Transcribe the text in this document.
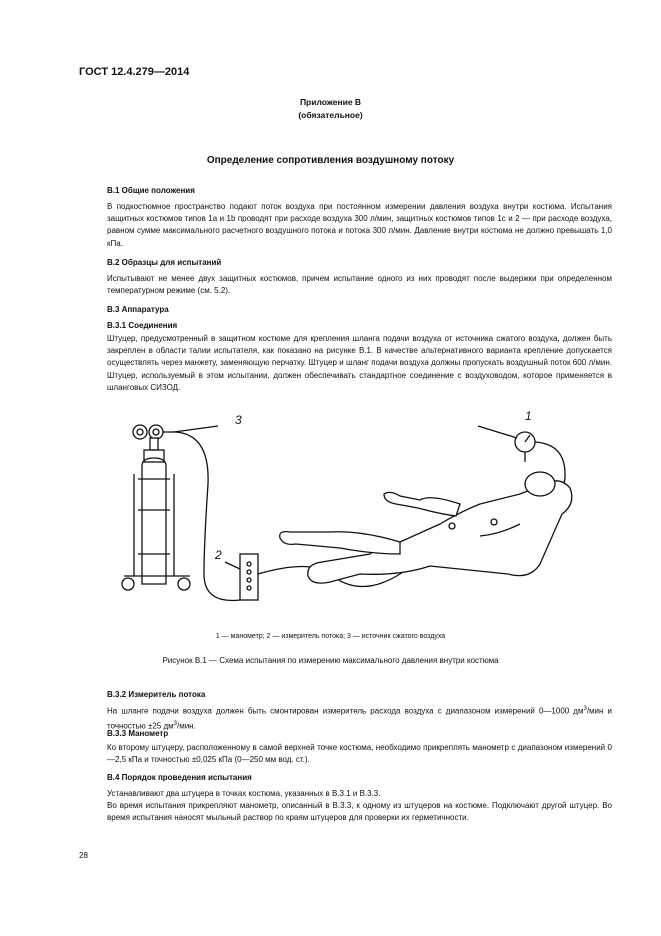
ГОСТ 12.4.279—2014
Приложение В
(обязательное)
Определение сопротивления воздушному потоку
В.1 Общие положения
В подкостюмное пространство подают поток воздуха при постоянном измерении давления воздуха внутри костюма. Испытания защитных костюмов типов 1а и 1b проводят при расходе воздуха 300 л/мин, защитных костюмов типов 1с и 2 — при расходе воздуха, равном сумме максимального расчетного воздушного потока и потока 300 л/мин. Давление внутри костюма не должно превышать 1,0 кПа.
В.2 Образцы для испытаний
Испытывают не менее двух защитных костюмов, причем испытание одного из них проводят после выдержки при определенном температурном режиме (см. 5.2).
В.3 Аппаратура
В.3.1 Соединения
Штуцер, предусмотренный в защитном костюме для крепления шланга подачи воздуха от источника сжатого воздуха, должен быть закреплен в области талии испытателя, как показано на рисунке В.1. В качестве альтернативного варианта крепление допускается осуществлять через манжету, заменяющую перчатку. Штуцер и шланг подачи воздуха должны пропускать воздушный поток 600 л/мин. Штуцер, используемый в этом испытании, должен обеспечивать стандартное соединение с воздуховодом, которое применяется в шланговых СИЗОД.
3
2
1
1 — манометр; 2 — измеритель потока; 3 — источник сжатого воздуха
Рисунок В.1 — Схема испытания по измерению максимального давления внутри костюма
В.3.2 Измеритель потока
На шланге подачи воздуха должен быть смонтирован измеритель расхода воздуха с диапазоном измерений 0—1000 $дм^3$/мин и точностью ±25 $дм^3$/мин.
В.3.3 Манометр
Ко второму штуцеру, расположенному в самой верхней точке костюма, необходимо прикреплять манометр с диапазоном измерений 0—2,5 кПа и точностью ±0,025 кПа (0—250 мм вод. ст.).
В.4 Порядок проведения испытания
Устанавливают два штуцера в точках костюма, указанных в В.3.1 и В.3.3.
Во время испытания прикрепляют манометр, описанный в В.3.3, к одному из штуцеров на костюме. Подключают другой штуцер. Во время испытания наносят мыльный раствор по краям штуцеров для проверки их герметичности.
28
